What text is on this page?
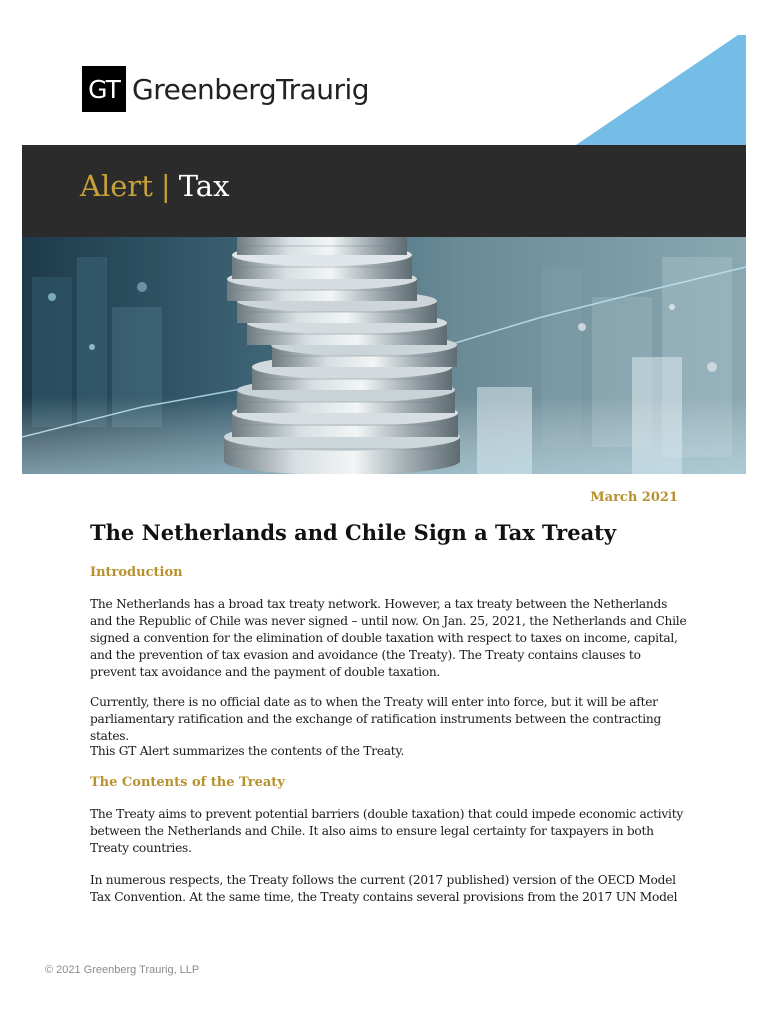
GT GreenbergTraurig
Alert | Tax
March 2021
The Netherlands and Chile Sign a Tax Treaty
Introduction
The Netherlands has a broad tax treaty network. However, a tax treaty between the Netherlands and the Republic of Chile was never signed – until now. On Jan. 25, 2021, the Netherlands and Chile signed a convention for the elimination of double taxation with respect to taxes on income, capital, and the prevention of tax evasion and avoidance (the Treaty). The Treaty contains clauses to prevent tax avoidance and the payment of double taxation.
Currently, there is no official date as to when the Treaty will enter into force, but it will be after parliamentary ratification and the exchange of ratification instruments between the contracting states.
This GT Alert summarizes the contents of the Treaty.
The Contents of the Treaty
The Treaty aims to prevent potential barriers (double taxation) that could impede economic activity between the Netherlands and Chile. It also aims to ensure legal certainty for taxpayers in both Treaty countries.
In numerous respects, the Treaty follows the current (2017 published) version of the OECD Model Tax Convention. At the same time, the Treaty contains several provisions from the 2017 UN Model
© 2021 Greenberg Traurig, LLP
